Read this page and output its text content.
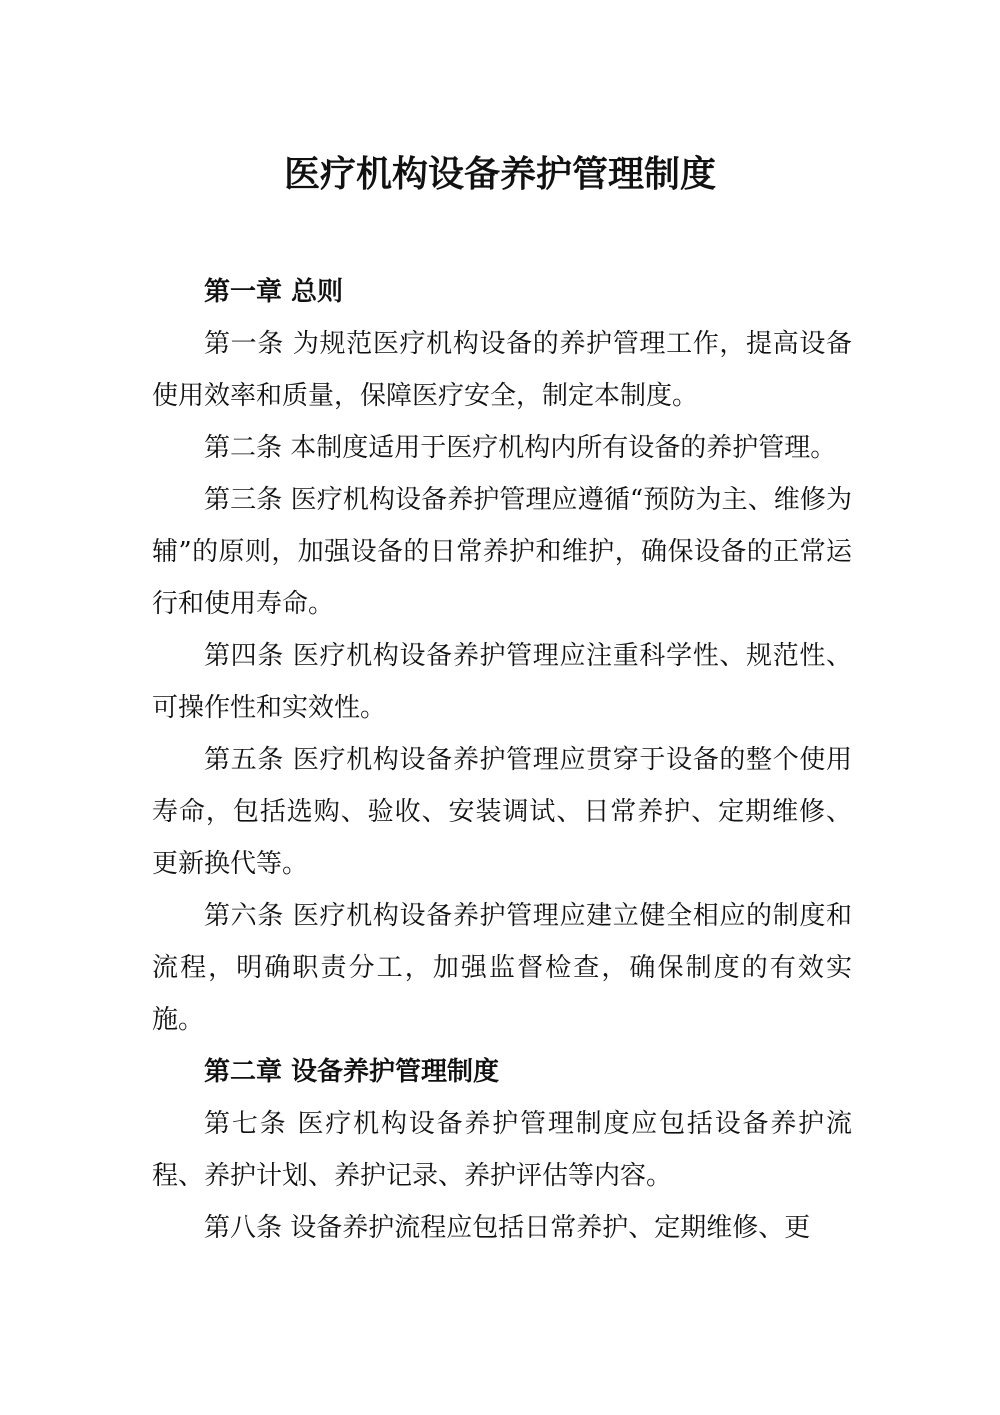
医疗机构设备养护管理制度

第一章 总则

第一条 为规范医疗机构设备的养护管理工作，提高设备使用效率和质量，保障医疗安全，制定本制度。

第二条 本制度适用于医疗机构内所有设备的养护管理。

第三条 医疗机构设备养护管理应遵循“预防为主、维修为辅”的原则，加强设备的日常养护和维护，确保设备的正常运行和使用寿命。

第四条 医疗机构设备养护管理应注重科学性、规范性、可操作性和实效性。

第五条 医疗机构设备养护管理应贯穿于设备的整个使用寿命，包括选购、验收、安装调试、日常养护、定期维修、更新换代等。

第六条 医疗机构设备养护管理应建立健全相应的制度和流程，明确职责分工，加强监督检查，确保制度的有效实施。

第二章 设备养护管理制度

第七条 医疗机构设备养护管理制度应包括设备养护流程、养护计划、养护记录、养护评估等内容。

第八条 设备养护流程应包括日常养护、定期维修、更
